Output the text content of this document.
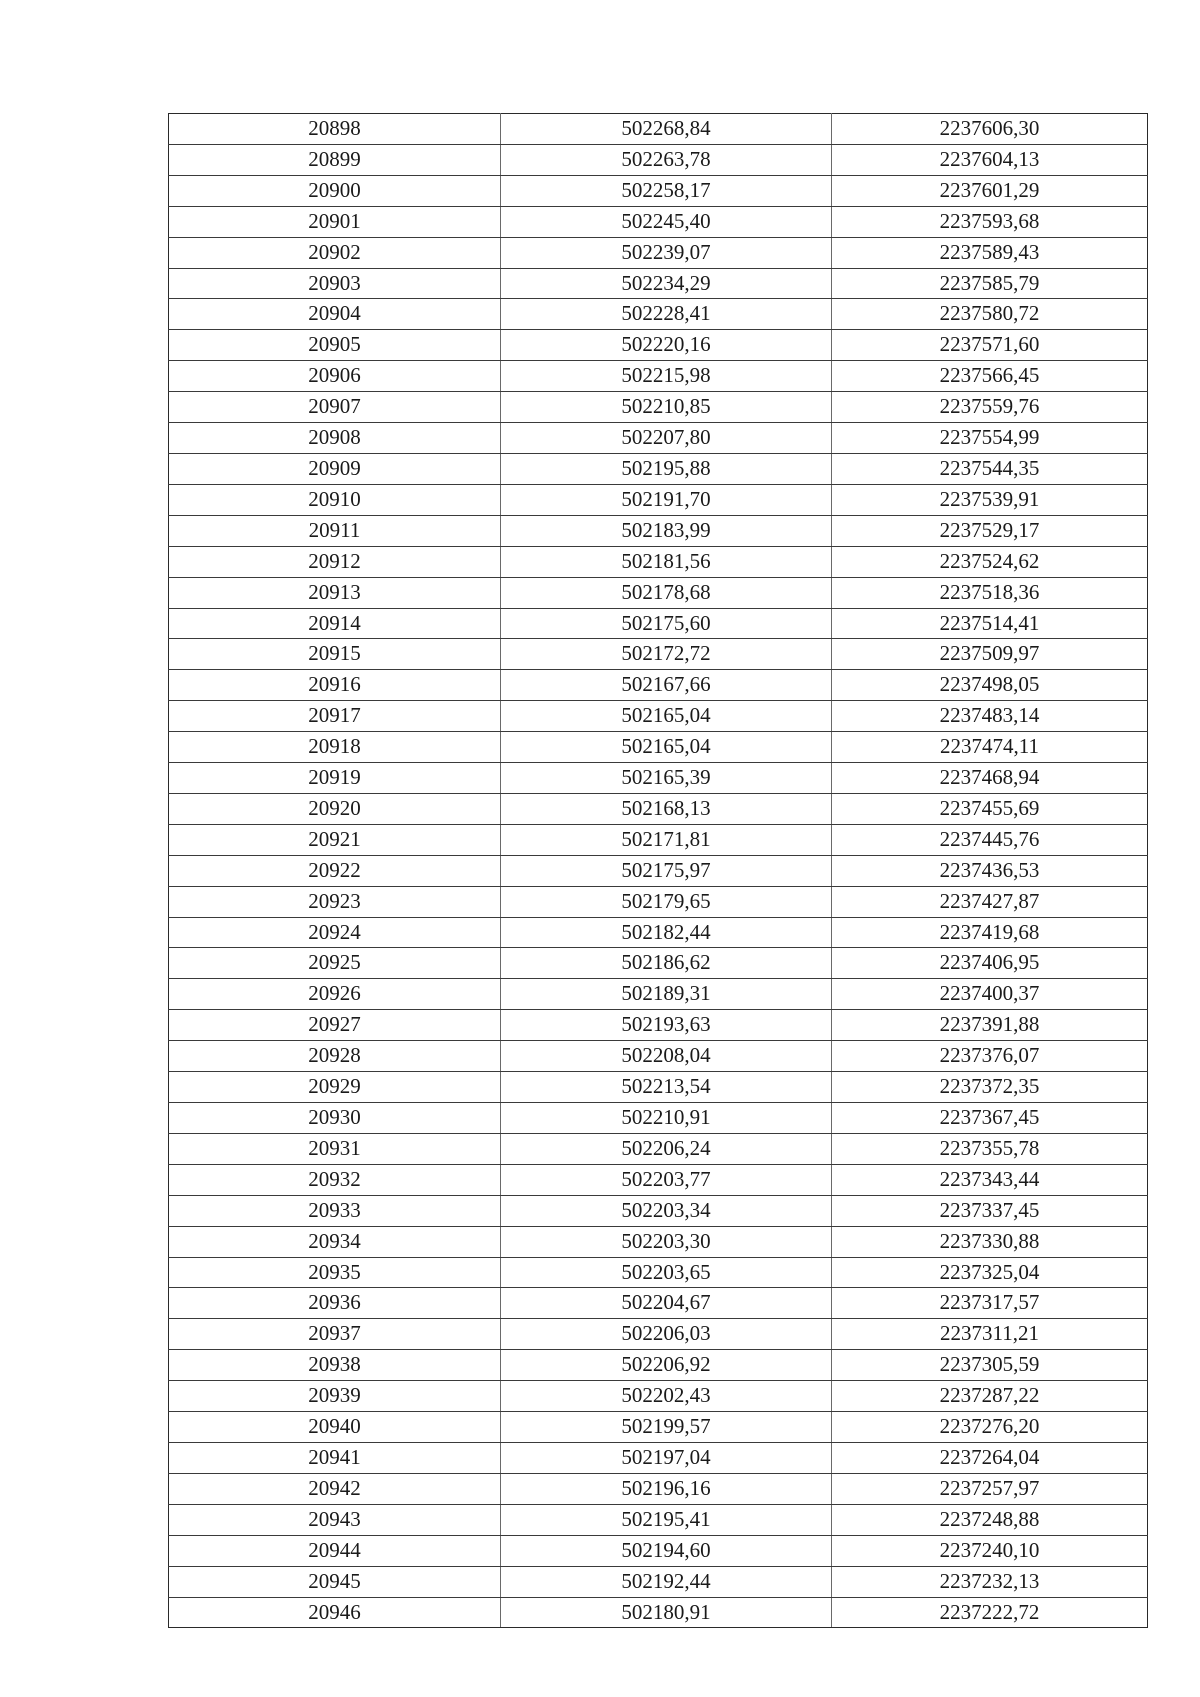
20898	502268,84	2237606,30
20899	502263,78	2237604,13
20900	502258,17	2237601,29
20901	502245,40	2237593,68
20902	502239,07	2237589,43
20903	502234,29	2237585,79
20904	502228,41	2237580,72
20905	502220,16	2237571,60
20906	502215,98	2237566,45
20907	502210,85	2237559,76
20908	502207,80	2237554,99
20909	502195,88	2237544,35
20910	502191,70	2237539,91
20911	502183,99	2237529,17
20912	502181,56	2237524,62
20913	502178,68	2237518,36
20914	502175,60	2237514,41
20915	502172,72	2237509,97
20916	502167,66	2237498,05
20917	502165,04	2237483,14
20918	502165,04	2237474,11
20919	502165,39	2237468,94
20920	502168,13	2237455,69
20921	502171,81	2237445,76
20922	502175,97	2237436,53
20923	502179,65	2237427,87
20924	502182,44	2237419,68
20925	502186,62	2237406,95
20926	502189,31	2237400,37
20927	502193,63	2237391,88
20928	502208,04	2237376,07
20929	502213,54	2237372,35
20930	502210,91	2237367,45
20931	502206,24	2237355,78
20932	502203,77	2237343,44
20933	502203,34	2237337,45
20934	502203,30	2237330,88
20935	502203,65	2237325,04
20936	502204,67	2237317,57
20937	502206,03	2237311,21
20938	502206,92	2237305,59
20939	502202,43	2237287,22
20940	502199,57	2237276,20
20941	502197,04	2237264,04
20942	502196,16	2237257,97
20943	502195,41	2237248,88
20944	502194,60	2237240,10
20945	502192,44	2237232,13
20946	502180,91	2237222,72
